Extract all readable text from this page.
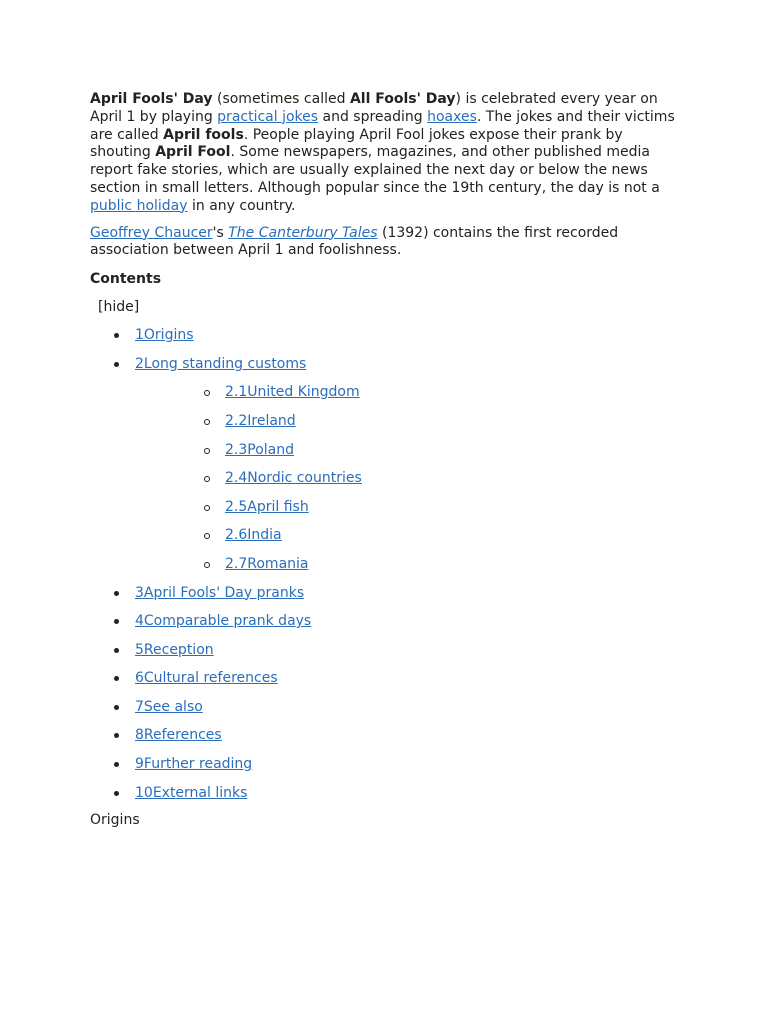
April Fools' Day (sometimes called All Fools' Day) is celebrated every year on April 1 by playing practical jokes and spreading hoaxes. The jokes and their victims are called April fools. People playing April Fool jokes expose their prank by shouting April Fool. Some newspapers, magazines, and other published media report fake stories, which are usually explained the next day or below the news section in small letters. Although popular since the 19th century, the day is not a public holiday in any country.

Geoffrey Chaucer's The Canterbury Tales (1392) contains the first recorded association between April 1 and foolishness.

Contents
[hide]
1Origins
2Long standing customs
2.1United Kingdom
2.2Ireland
2.3Poland
2.4Nordic countries
2.5April fish
2.6India
2.7Romania
3April Fools' Day pranks
4Comparable prank days
5Reception
6Cultural references
7See also
8References
9Further reading
10External links
Origins
